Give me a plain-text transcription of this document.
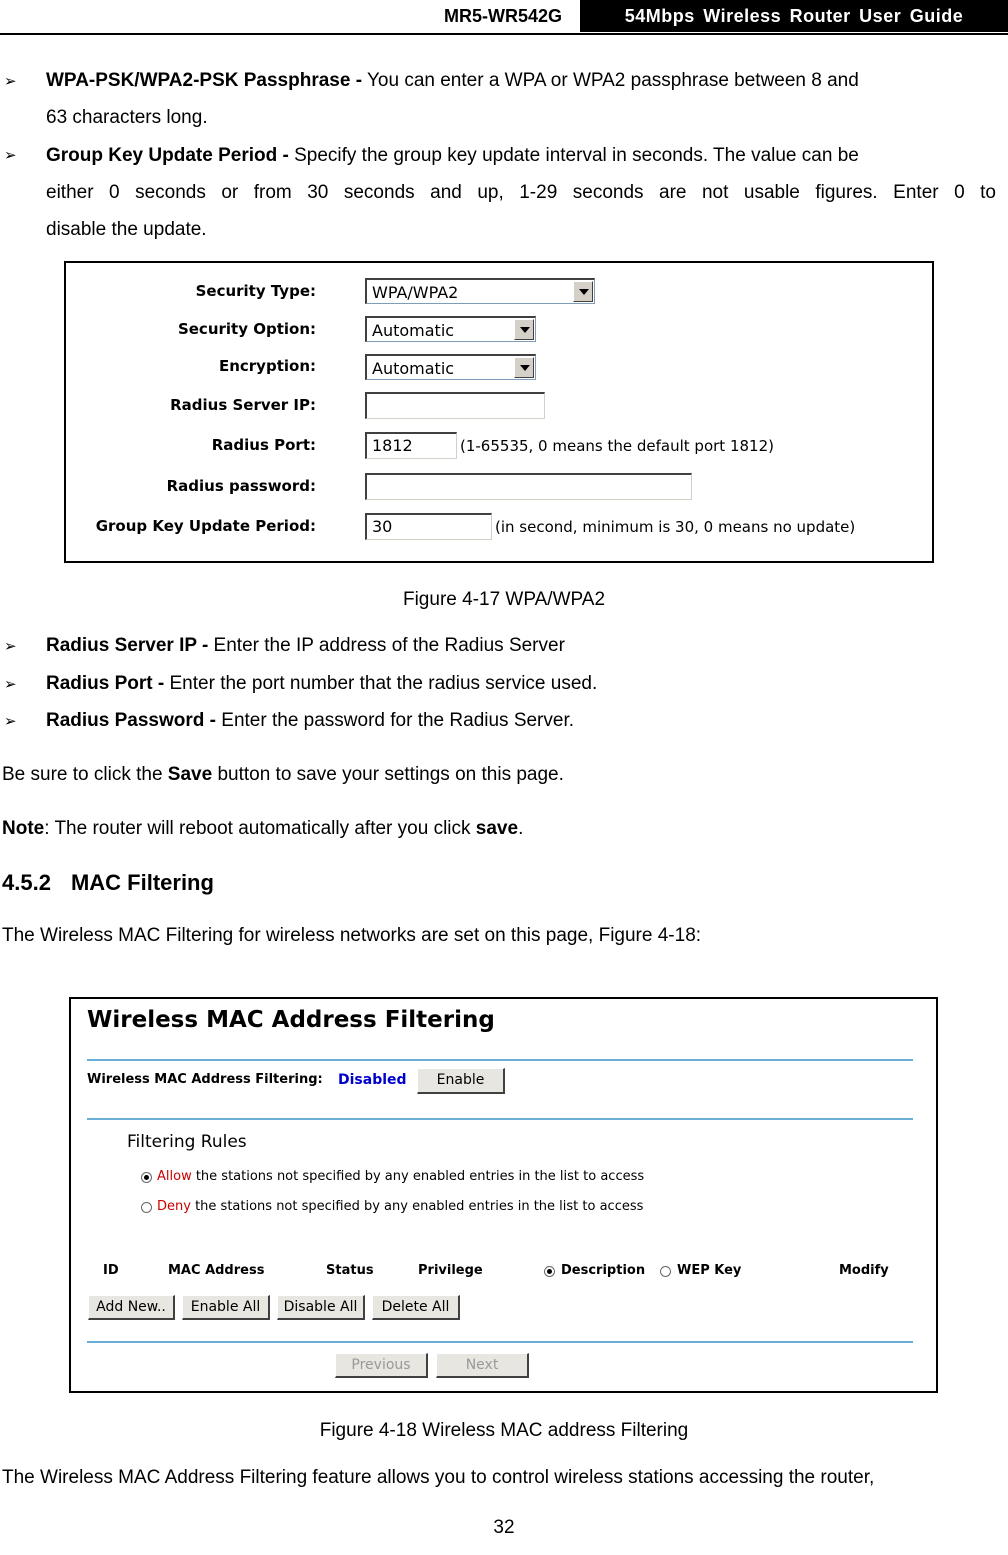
MR5-WR542G	54Mbps Wireless Router User Guide
➢ WPA-PSK/WPA2-PSK Passphrase - You can enter a WPA or WPA2 passphrase between 8 and
63 characters long.
➢ Group Key Update Period - Specify the group key update interval in seconds. The value can be
either 0 seconds or from 30 seconds and up, 1-29 seconds are not usable figures. Enter 0 to
disable the update.
Security Type:	WPA/WPA2
Security Option:	Automatic
Encryption:	Automatic
Radius Server IP:
Radius Port:	1812	(1-65535, 0 means the default port 1812)
Radius password:
Group Key Update Period:	30	(in second, minimum is 30, 0 means no update)
Figure 4-17 WPA/WPA2
➢ Radius Server IP - Enter the IP address of the Radius Server
➢ Radius Port - Enter the port number that the radius service used.
➢ Radius Password - Enter the password for the Radius Server.
Be sure to click the Save button to save your settings on this page.
Note: The router will reboot automatically after you click save.
4.5.2 MAC Filtering
The Wireless MAC Filtering for wireless networks are set on this page, Figure 4-18:
Wireless MAC Address Filtering
Wireless MAC Address Filtering: Disabled	Enable
Filtering Rules
Allow the stations not specified by any enabled entries in the list to access
Deny the stations not specified by any enabled entries in the list to access
ID	MAC Address	Status	Privilege	Description WEP Key	Modify
Add New..	Enable All	Disable All	Delete All
Previous	Next
Figure 4-18 Wireless MAC address Filtering
The Wireless MAC Address Filtering feature allows you to control wireless stations accessing the router,
32
